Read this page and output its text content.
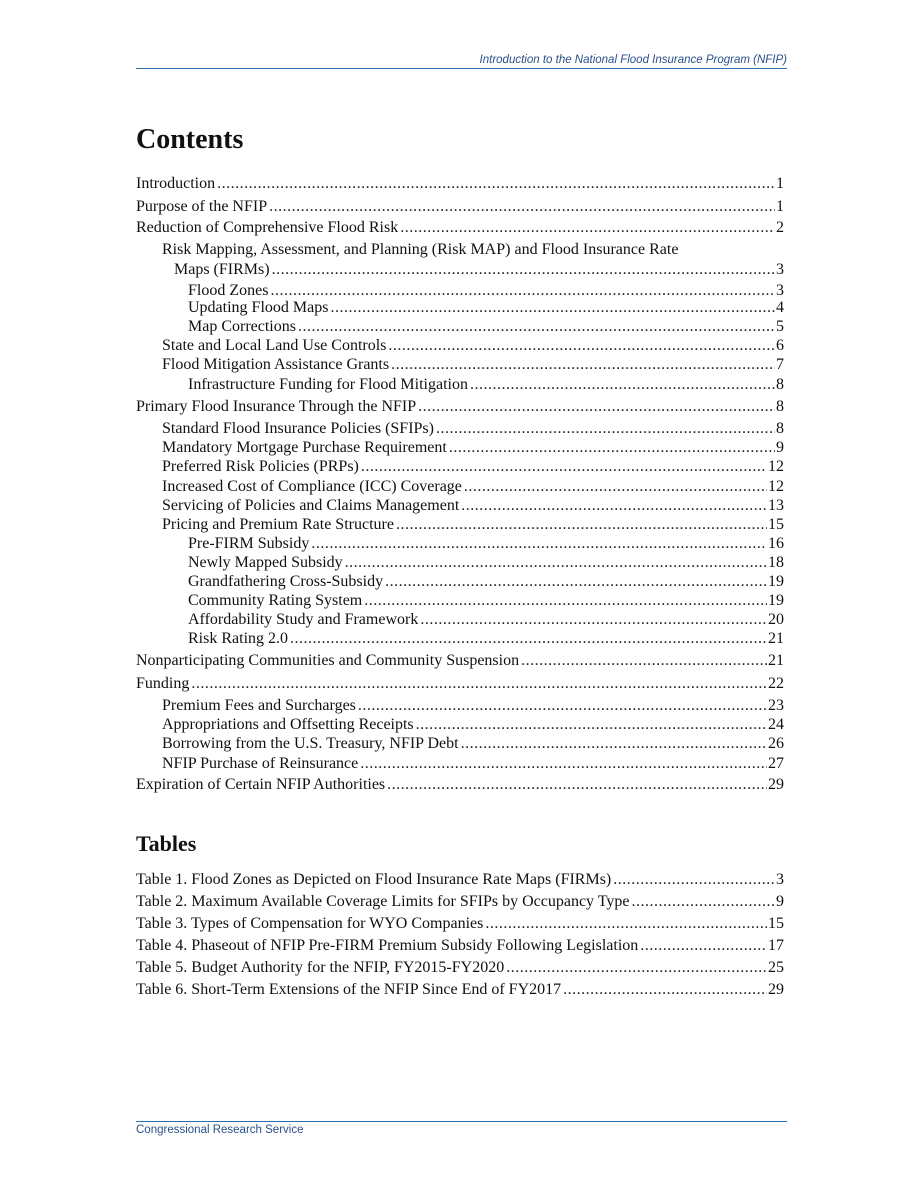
Introduction to the National Flood Insurance Program (NFIP)
Contents
Introduction .....	1
Purpose of the NFIP .....	1
Reduction of Comprehensive Flood Risk .....	2
Risk Mapping, Assessment, and Planning (Risk MAP) and Flood Insurance Rate
Maps (FIRMs) .....	3
Flood Zones .....	3
Updating Flood Maps .....	4
Map Corrections .....	5
State and Local Land Use Controls .....	6
Flood Mitigation Assistance Grants .....	7
Infrastructure Funding for Flood Mitigation .....	8
Primary Flood Insurance Through the NFIP .....	8
Standard Flood Insurance Policies (SFIPs) .....	8
Mandatory Mortgage Purchase Requirement .....	9
Preferred Risk Policies (PRPs) .....	12
Increased Cost of Compliance (ICC) Coverage .....	12
Servicing of Policies and Claims Management .....	13
Pricing and Premium Rate Structure .....	15
Pre-FIRM Subsidy .....	16
Newly Mapped Subsidy .....	18
Grandfathering Cross-Subsidy .....	19
Community Rating System .....	19
Affordability Study and Framework .....	20
Risk Rating 2.0 .....	21
Nonparticipating Communities and Community Suspension .....	21
Funding .....	22
Premium Fees and Surcharges .....	23
Appropriations and Offsetting Receipts .....	24
Borrowing from the U.S. Treasury, NFIP Debt .....	26
NFIP Purchase of Reinsurance .....	27
Expiration of Certain NFIP Authorities .....	29
Tables
Table 1. Flood Zones as Depicted on Flood Insurance Rate Maps (FIRMs) .....	3
Table 2. Maximum Available Coverage Limits for SFIPs by Occupancy Type .....	9
Table 3. Types of Compensation for WYO Companies .....	15
Table 4. Phaseout of NFIP Pre-FIRM Premium Subsidy Following Legislation .....	17
Table 5. Budget Authority for the NFIP, FY2015-FY2020 .....	25
Table 6. Short-Term Extensions of the NFIP Since End of FY2017 .....	29
Congressional Research Service
